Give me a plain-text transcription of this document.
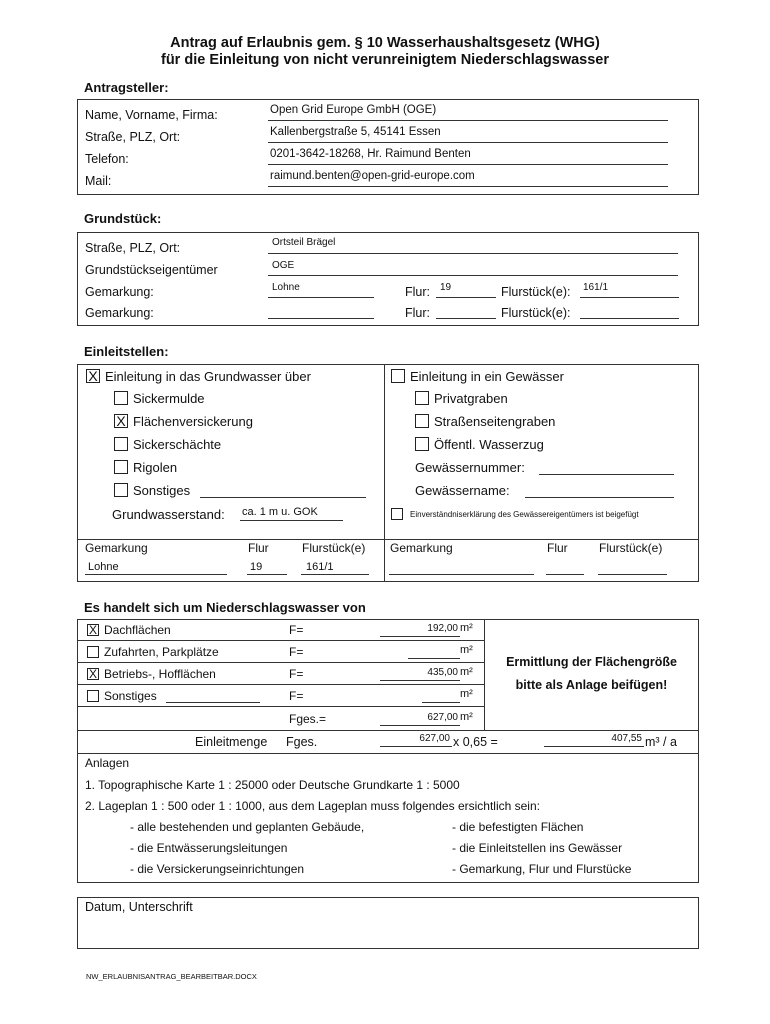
Antrag auf Erlaubnis gem. § 10 Wasserhaushaltsgesetz (WHG)
für die Einleitung von nicht verunreinigtem Niederschlagswasser
Antragsteller:
Name, Vorname, Firma:	Open Grid Europe GmbH (OGE)
Straße, PLZ, Ort:	Kallenbergstraße 5, 45141 Essen
Telefon:	0201-3642-18268, Hr. Raimund Benten
Mail:	raimund.benten@open-grid-europe.com
Grundstück:
Straße, PLZ, Ort:	Ortsteil Brägel
Grundstückseigentümer	OGE
Gemarkung:	Lohne	Flur: 19	Flurstück(e): 161/1
Gemarkung:	Flur:	Flurstück(e):
Einleitstellen:
X Einleitung in das Grundwasser über
Sickermulde
X Flächenversickerung
Sickerschächte
Rigolen
Sonstiges
Grundwasserstand: ca. 1 m u. GOK
Einleitung in ein Gewässer
Privatgraben
Straßenseitengraben
Öffentl. Wasserzug
Gewässernummer:
Gewässername:
Einverständniserklärung des Gewässereigentümers ist beigefügt
Gemarkung	Flur	Flurstück(e)
Lohne	19	161/1
Gemarkung	Flur	Flurstück(e)
Es handelt sich um Niederschlagswasser von
X Dachflächen	F=	192,00 m²
Zufahrten, Parkplätze	F=	m²
X Betriebs-, Hofflächen	F=	435,00 m²
Sonstiges	F=	m²
Fges.=	627,00 m²
Ermittlung der Flächengröße
bitte als Anlage beifügen!
Einleitmenge Fges.	627,00 x 0,65 =	407,55 m³ / a
Anlagen
1. Topographische Karte 1 : 25000 oder Deutsche Grundkarte 1 : 5000
2. Lageplan 1 : 500 oder 1 : 1000, aus dem Lageplan muss folgendes ersichtlich sein:
- alle bestehenden und geplanten Gebäude,
- die Entwässerungsleitungen
- die Versickerungseinrichtungen
- die befestigten Flächen
- die Einleitstellen ins Gewässer
- Gemarkung, Flur und Flurstücke
Datum, Unterschrift
NW_ERLAUBNISANTRAG_BEARBEITBAR.DOCX
